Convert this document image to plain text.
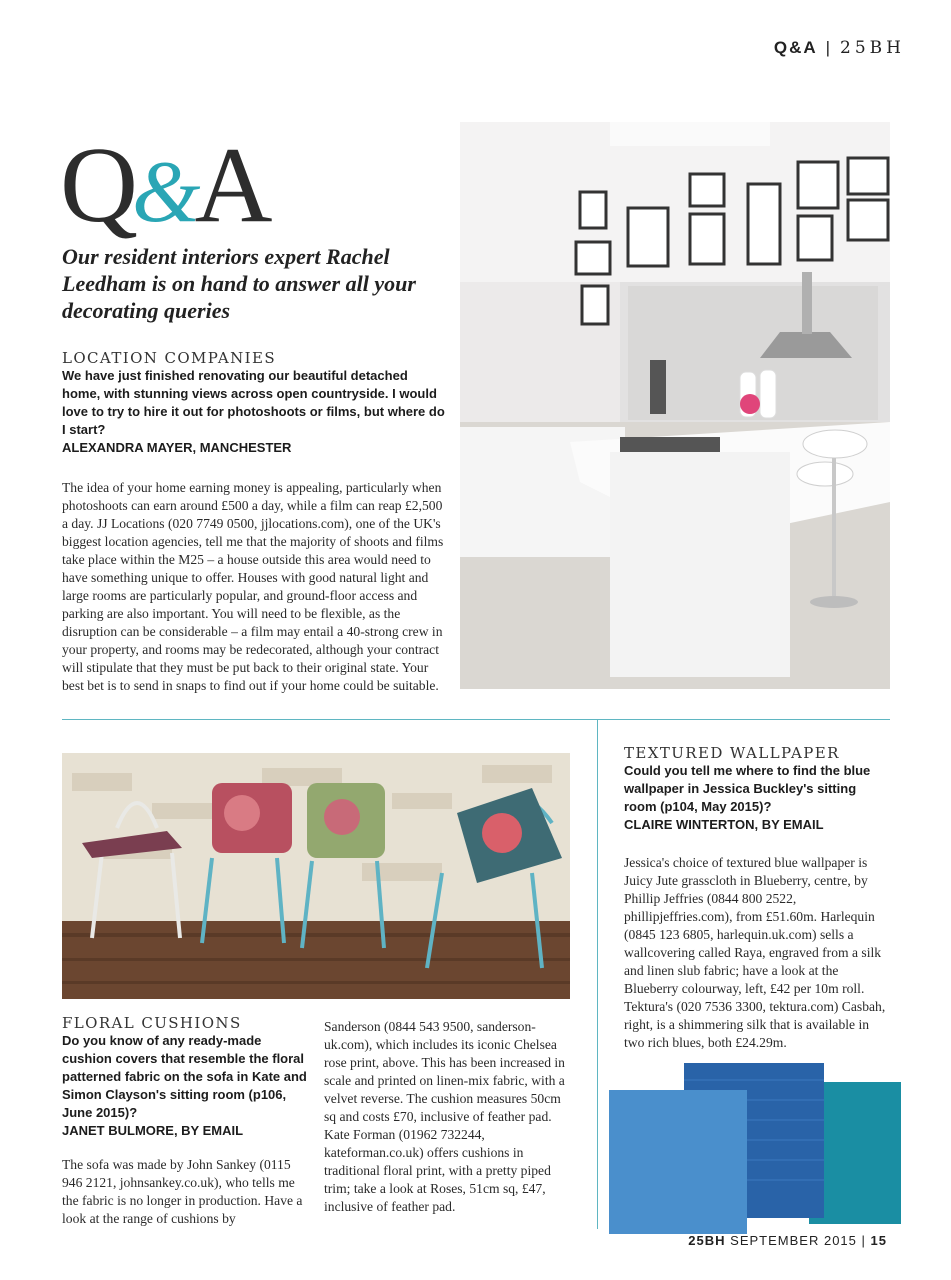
Q&A | 25BH
Q&A
Our resident interiors expert Rachel Leedham is on hand to answer all your decorating queries
LOCATION COMPANIES
We have just finished renovating our beautiful detached home, with stunning views across open countryside. I would love to try to hire it out for photoshoots or films, but where do I start?
ALEXANDRA MAYER, MANCHESTER
The idea of your home earning money is appealing, particularly when photoshoots can earn around £500 a day, while a film can reap £2,500 a day. JJ Locations (020 7749 0500, jjlocations.com), one of the UK's biggest location agencies, tell me that the majority of shoots and films take place within the M25 – a house outside this area would need to have something unique to offer. Houses with good natural light and large rooms are particularly popular, and ground-floor access and parking are also important. You will need to be flexible, as the disruption can be considerable – a film may entail a 40-strong crew in your property, and rooms may be redecorated, although your contract will stipulate that they must be put back to their original state. Your best bet is to send in snaps to find out if your home could be suitable.
FLORAL CUSHIONS
Do you know of any ready-made cushion covers that resemble the floral patterned fabric on the sofa in Kate and Simon Clayson's sitting room (p106, June 2015)?
JANET BULMORE, BY EMAIL
The sofa was made by John Sankey (0115 946 2121, johnsankey.co.uk), who tells me the fabric is no longer in production. Have a look at the range of cushions by
Sanderson (0844 543 9500, sanderson-uk.com), which includes its iconic Chelsea rose print, above. This has been increased in scale and printed on linen-mix fabric, with a velvet reverse. The cushion measures 50cm sq and costs £70, inclusive of feather pad. Kate Forman (01962 732244, kateforman.co.uk) offers cushions in traditional floral print, with a pretty piped trim; take a look at Roses, 51cm sq, £47, inclusive of feather pad.
TEXTURED WALLPAPER
Could you tell me where to find the blue wallpaper in Jessica Buckley's sitting room (p104, May 2015)?
CLAIRE WINTERTON, BY EMAIL
Jessica's choice of textured blue wallpaper is Juicy Jute grasscloth in Blueberry, centre, by Phillip Jeffries (0844 800 2522, phillipjeffries.com), from £51.60m. Harlequin (0845 123 6805, harlequin.uk.com) sells a wallcovering called Raya, engraved from a silk and linen slub fabric; have a look at the Blueberry colourway, left, £42 per 10m roll. Tektura's (020 7536 3300, tektura.com) Casbah, right, is a shimmering silk that is available in two rich blues, both £24.29m.
25BH SEPTEMBER 2015 | 15
